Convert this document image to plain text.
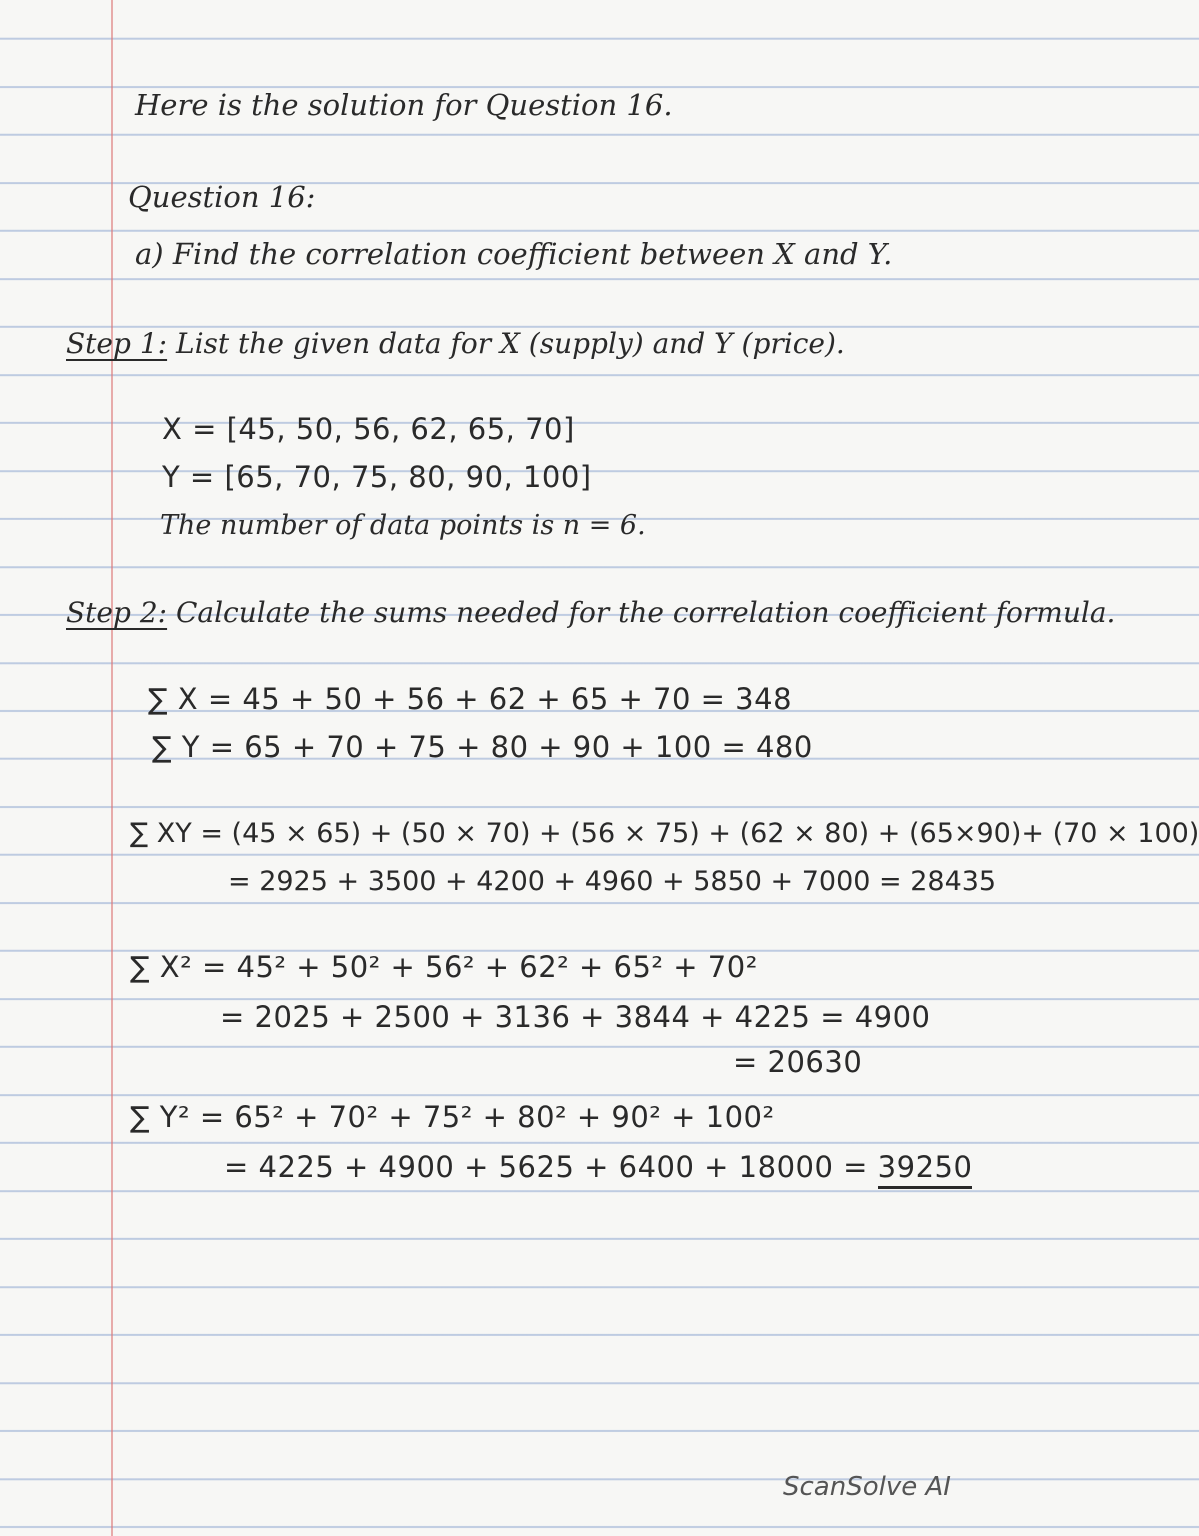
Here is the solution for Question 16.
Question 16:
a) Find the correlation coefficient between X and Y.
Step 1: List the given data for X (supply) and Y (price).
X = [45, 50, 56, 62, 65, 70]
Y = [65, 70, 75, 80, 90, 100]
The number of data points is n = 6.
Step 2: Calculate the sums needed for the correlation coefficient formula.
∑ X = 45 + 50 + 56 + 62 + 65 + 70 = 348
∑ Y = 65 + 70 + 75 + 80 + 90 + 100 = 480
∑ XY = (45 × 65) + (50 × 70) + (56 × 75) + (62 × 80) + (65×90)+ (70 × 100)
= 2925 + 3500 + 4200 + 4960 + 5850 + 7000 = 28435
∑ X² = 45² + 50² + 56² + 62² + 65² + 70²
= 2025 + 2500 + 3136 + 3844 + 4225 = 4900
= 20630
∑ Y² = 65² + 70² + 75² + 80² + 90² + 100²
= 4225 + 4900 + 5625 + 6400 + 18000 = 39250
ScanSolve AI
